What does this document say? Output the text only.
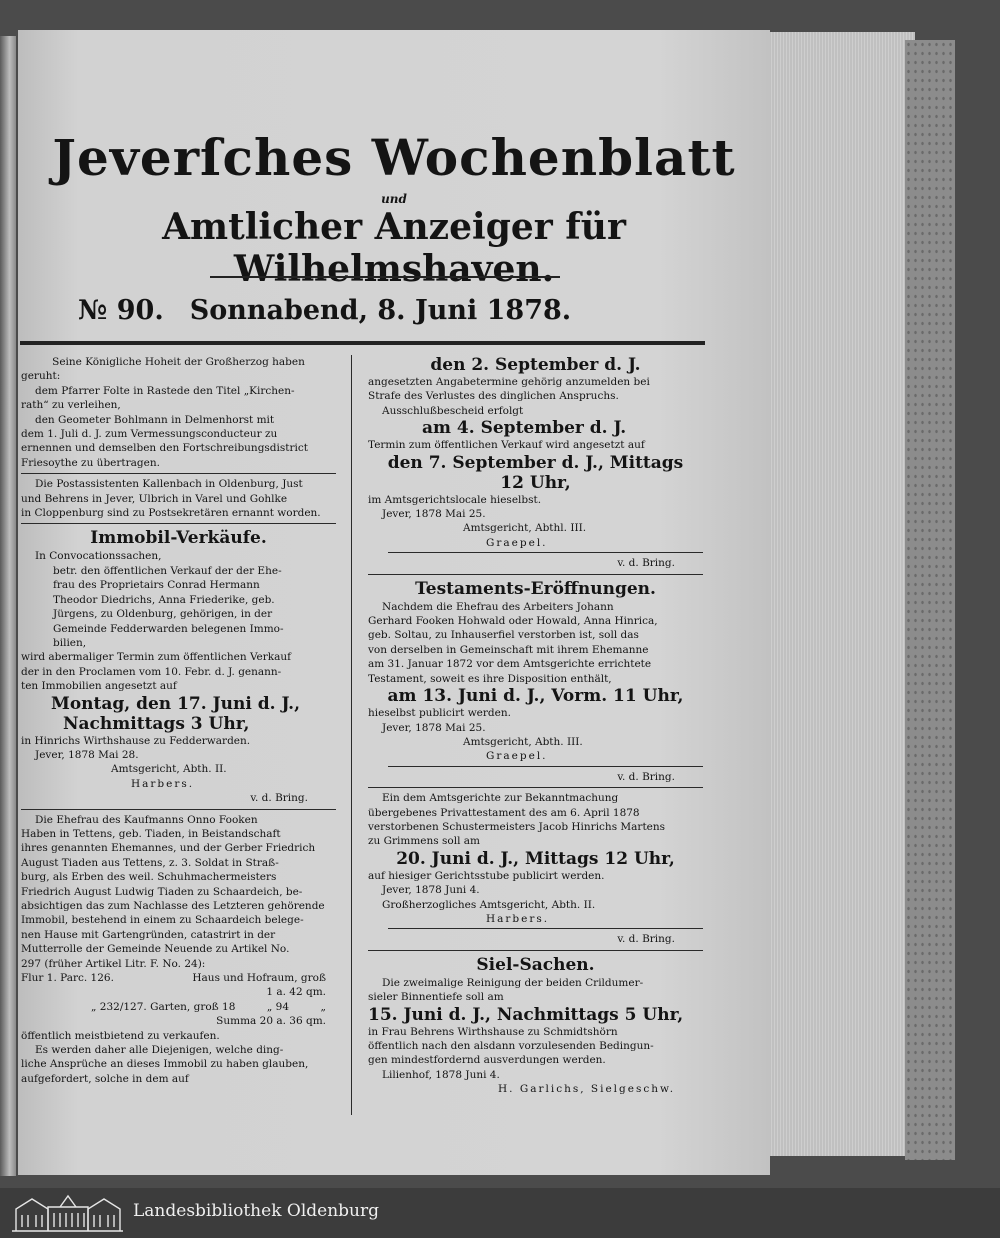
Jeverſches Wochenblatt
und
Amtlicher Anzeiger für Wilhelmshaven.
№ 90. Sonnabend, 8. Juni 1878.

Seine Königliche Hoheit der Großherzog haben

geruht:

dem Pfarrer Folte in Rastede den Titel „Kirchen-

rath“ zu verleihen,

den Geometer Bohlmann in Delmenhorst mit

dem 1. Juli d. J. zum Vermessungsconducteur zu

ernennen und demselben den Fortschreibungsdistrict

Friesoythe zu übertragen.

Die Postassistenten Kallenbach in Oldenburg, Just

und Behrens in Jever, Ulbrich in Varel und Gohlke

in Cloppenburg sind zu Postsekretären ernannt worden.

Immobil-Verkäufe.

In Convocationssachen,

betr. den öffentlichen Verkauf der der Ehe-

frau des Proprietairs Conrad Hermann

Theodor Diedrichs, Anna Friederike, geb.

Jürgens, zu Oldenburg, gehörigen, in der

Gemeinde Fedderwarden belegenen Immo-

bilien,

wird abermaliger Termin zum öffentlichen Verkauf

der in den Proclamen vom 10. Febr. d. J. genann-

ten Immobilien angesetzt auf

Montag, den 17. Juni d. J.,

Nachmittags 3 Uhr,

in Hinrichs Wirthshause zu Fedderwarden.

Jever, 1878 Mai 28.

Amtsgericht, Abth. II.

Harbers.

v. d. Bring.

Die Ehefrau des Kaufmanns Onno Fooken

Haben in Tettens, geb. Tiaden, in Beistandschaft

ihres genannten Ehemannes, und der Gerber Friedrich

August Tiaden aus Tettens, z. 3. Soldat in Straß-

burg, als Erben des weil. Schuhmachermeisters

Friedrich August Ludwig Tiaden zu Schaardeich, be-

absichtigen das zum Nachlasse des Letzteren gehörende

Immobil, bestehend in einem zu Schaardeich belege-

nen Hause mit Gartengründen, catastrirt in der

Mutterrolle der Gemeinde Neuende zu Artikel No.

297 (früher Artikel Litr. F. No. 24):

Flur 1. Parc. 126.	Haus und Hofraum, groß

1 a. 42 qm.

„ 232/127. Garten, groß 18	„ 94	„

Summa 20 a. 36 qm.

öffentlich meistbietend zu verkaufen.

Es werden daher alle Diejenigen, welche ding-

liche Ansprüche an dieses Immobil zu haben glauben,

aufgefordert, solche in dem auf

den 2. September d. J.

angesetzten Angabetermine gehörig anzumelden bei

Strafe des Verlustes des dinglichen Anspruchs.

Ausschlußbescheid erfolgt

am 4. September d. J.

Termin zum öffentlichen Verkauf wird angesetzt auf

den 7. September d. J., Mittags

12 Uhr,

im Amtsgerichtslocale hieselbst.

Jever, 1878 Mai 25.

Amtsgericht, Abthl. III.

Graepel.

v. d. Bring.

Testaments-Eröffnungen.

Nachdem die Ehefrau des Arbeiters Johann

Gerhard Fooken Hohwald oder Howald, Anna Hinrica,

geb. Soltau, zu Inhauserfiel verstorben ist, soll das

von derselben in Gemeinschaft mit ihrem Ehemanne

am 31. Januar 1872 vor dem Amtsgerichte errichtete

Testament, soweit es ihre Disposition enthält,

am 13. Juni d. J., Vorm. 11 Uhr,

hieselbst publicirt werden.

Jever, 1878 Mai 25.

Amtsgericht, Abth. III.

Graepel.

v. d. Bring.

Ein dem Amtsgerichte zur Bekanntmachung

übergebenes Privattestament des am 6. April 1878

verstorbenen Schustermeisters Jacob Hinrichs Martens

zu Grimmens soll am

20. Juni d. J., Mittags 12 Uhr,

auf hiesiger Gerichtsstube publicirt werden.

Jever, 1878 Juni 4.

Großherzogliches Amtsgericht, Abth. II.

Harbers.

v. d. Bring.

Siel-Sachen.

Die zweimalige Reinigung der beiden Crildumer-

sieler Binnentiefe soll am

15. Juni d. J., Nachmittags 5 Uhr,

in Frau Behrens Wirthshause zu Schmidtshörn

öffentlich nach den alsdann vorzulesenden Bedingun-

gen mindestfordernd ausverdungen werden.

Lilienhof, 1878 Juni 4.

H. Garlichs, Sielgeschw.

Landesbibliothek Oldenburg
